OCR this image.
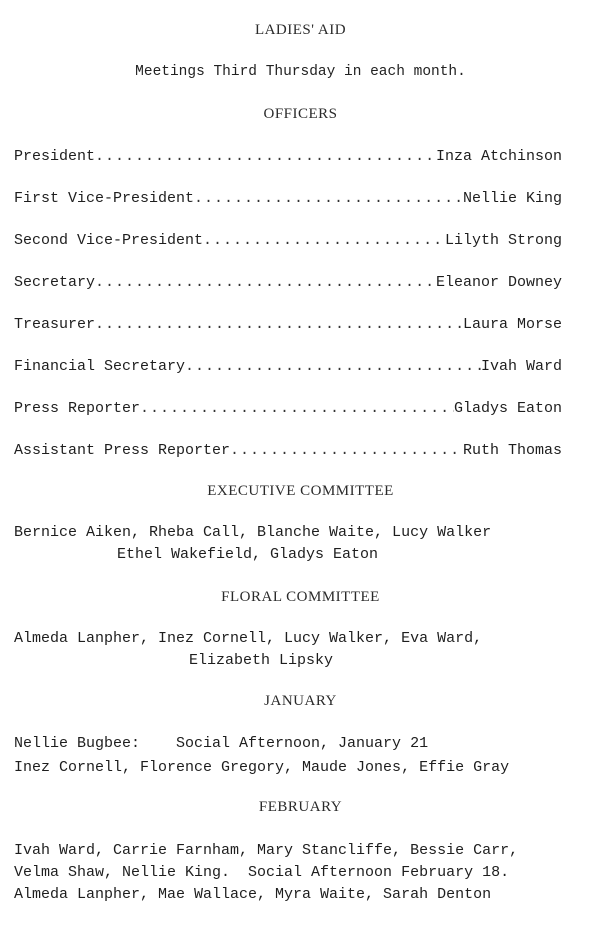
LADIES' AID
Meetings Third Thursday in each month.
OFFICERS
President .....	Inza Atchinson
First Vice-President .....	Nellie King
Second Vice-President .....	Lilyth Strong
Secretary .....	Eleanor Downey
Treasurer .....	Laura Morse
Financial Secretary .....	Ivah Ward
Press Reporter .....	Gladys Eaton
Assistant Press Reporter .....	Ruth Thomas
EXECUTIVE COMMITTEE
Bernice Aiken, Rheba Call, Blanche Waite, Lucy Walker
Ethel Wakefield, Gladys Eaton
FLORAL COMMITTEE
Almeda Lanpher, Inez Cornell, Lucy Walker, Eva Ward,
Elizabeth Lipsky
JANUARY
Nellie Bugbee:    Social Afternoon, January 21
Inez Cornell, Florence Gregory, Maude Jones, Effie Gray
FEBRUARY
Ivah Ward, Carrie Farnham, Mary Stancliffe, Bessie Carr,
Velma Shaw, Nellie King.  Social Afternoon February 18.
Almeda Lanpher, Mae Wallace, Myra Waite, Sarah Denton
